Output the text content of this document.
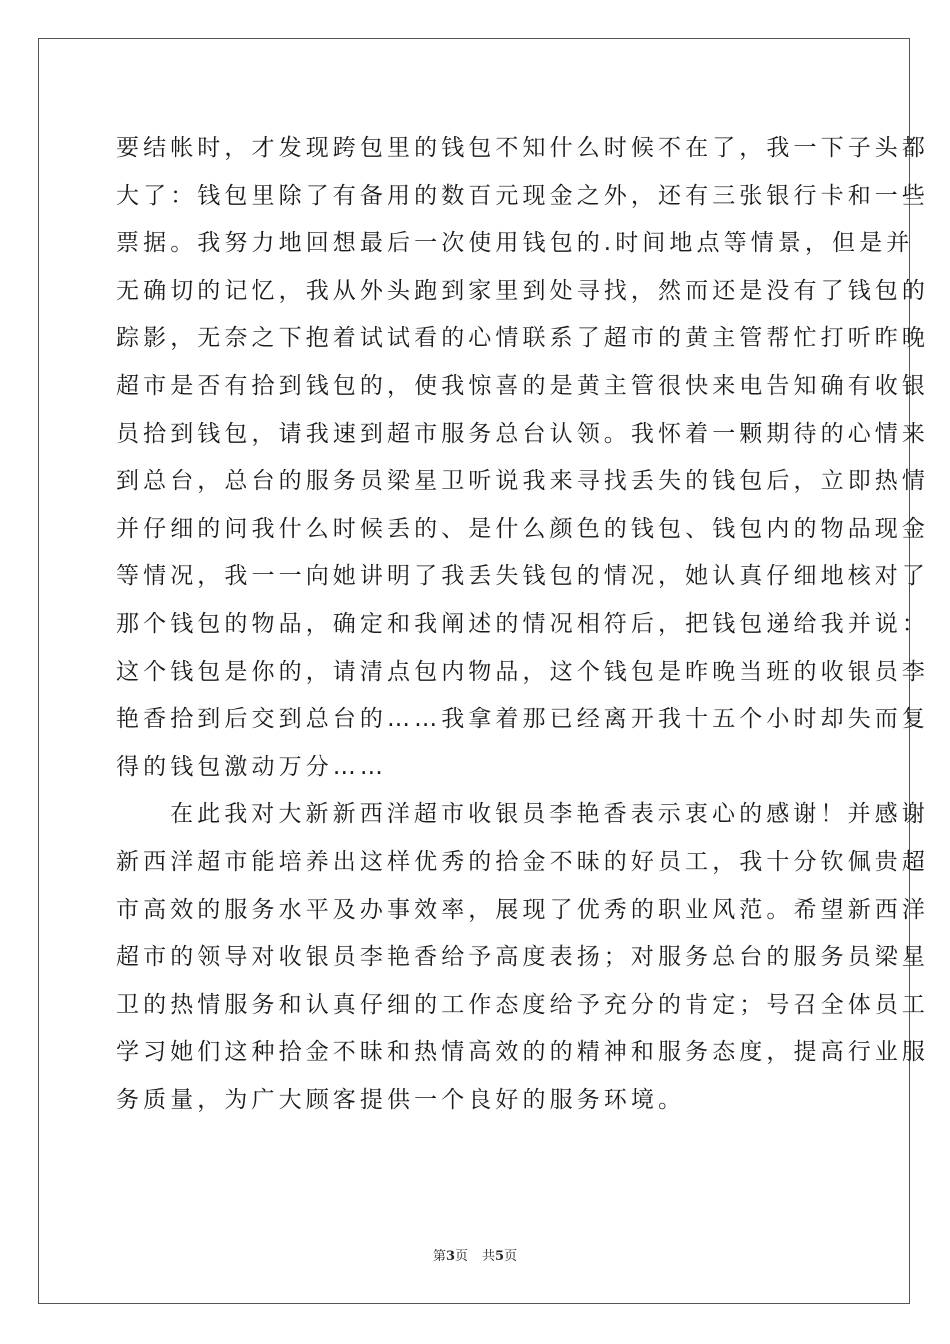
要结帐时，才发现跨包里的钱包不知什么时候不在了，我一下子头都
大了：钱包里除了有备用的数百元现金之外，还有三张银行卡和一些
票据。我努力地回想最后一次使用钱包的.时间地点等情景，但是并
无确切的记忆，我从外头跑到家里到处寻找，然而还是没有了钱包的
踪影，无奈之下抱着试试看的心情联系了超市的黄主管帮忙打听昨晚
超市是否有拾到钱包的，使我惊喜的是黄主管很快来电告知确有收银
员拾到钱包，请我速到超市服务总台认领。我怀着一颗期待的心情来
到总台，总台的服务员梁星卫听说我来寻找丢失的钱包后，立即热情
并仔细的问我什么时候丢的、是什么颜色的钱包、钱包内的物品现金
等情况，我一一向她讲明了我丢失钱包的情况，她认真仔细地核对了
那个钱包的物品，确定和我阐述的情况相符后，把钱包递给我并说：
这个钱包是你的，请清点包内物品，这个钱包是昨晚当班的收银员李
艳香拾到后交到总台的……我拿着那已经离开我十五个小时却失而复
得的钱包激动万分……
在此我对大新新西洋超市收银员李艳香表示衷心的感谢！并感谢
新西洋超市能培养出这样优秀的拾金不昧的好员工，我十分钦佩贵超
市高效的服务水平及办事效率，展现了优秀的职业风范。希望新西洋
超市的领导对收银员李艳香给予高度表扬；对服务总台的服务员梁星
卫的热情服务和认真仔细的工作态度给予充分的肯定；号召全体员工
学习她们这种拾金不昧和热情高效的的精神和服务态度，提高行业服
务质量，为广大顾客提供一个良好的服务环境。
第3页 共5页
